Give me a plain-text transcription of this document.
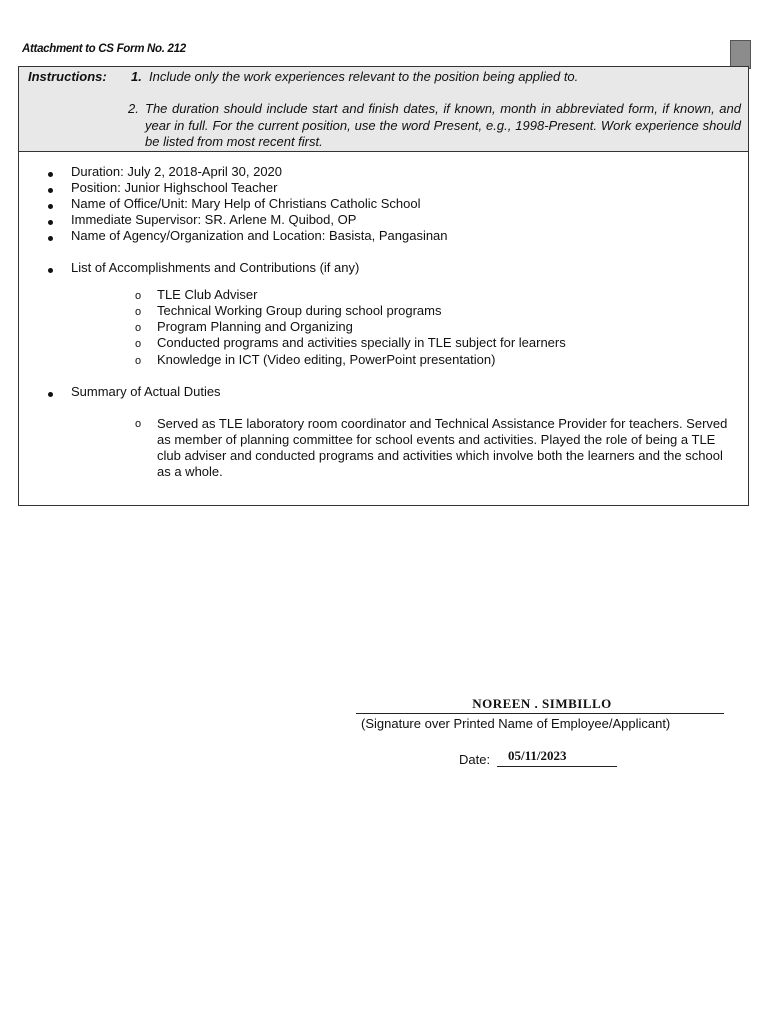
Attachment to CS Form No. 212
Instructions: 1. Include only the work experiences relevant to the position being applied to.
2. The duration should include start and finish dates, if known, month in abbreviated form, if known, and year in full. For the current position, use the word Present, e.g., 1998-Present. Work experience should be listed from most recent first.
Duration: July 2, 2018-April 30, 2020
Position: Junior Highschool Teacher
Name of Office/Unit: Mary Help of Christians Catholic School
Immediate Supervisor: SR. Arlene M. Quibod, OP
Name of Agency/Organization and Location: Basista, Pangasinan
List of Accomplishments and Contributions (if any)
o TLE Club Adviser
o Technical Working Group during school programs
o Program Planning and Organizing
o Conducted programs and activities specially in TLE subject for learners
o Knowledge in ICT (Video editing, PowerPoint presentation)
Summary of Actual Duties
o Served as TLE laboratory room coordinator and Technical Assistance Provider for teachers. Served as member of planning committee for school events and activities. Played the role of being a TLE club adviser and conducted programs and activities which involve both the learners and the school as a whole.
NOREEN . SIMBILLO
(Signature over Printed Name of Employee/Applicant)
Date: 05/11/2023
